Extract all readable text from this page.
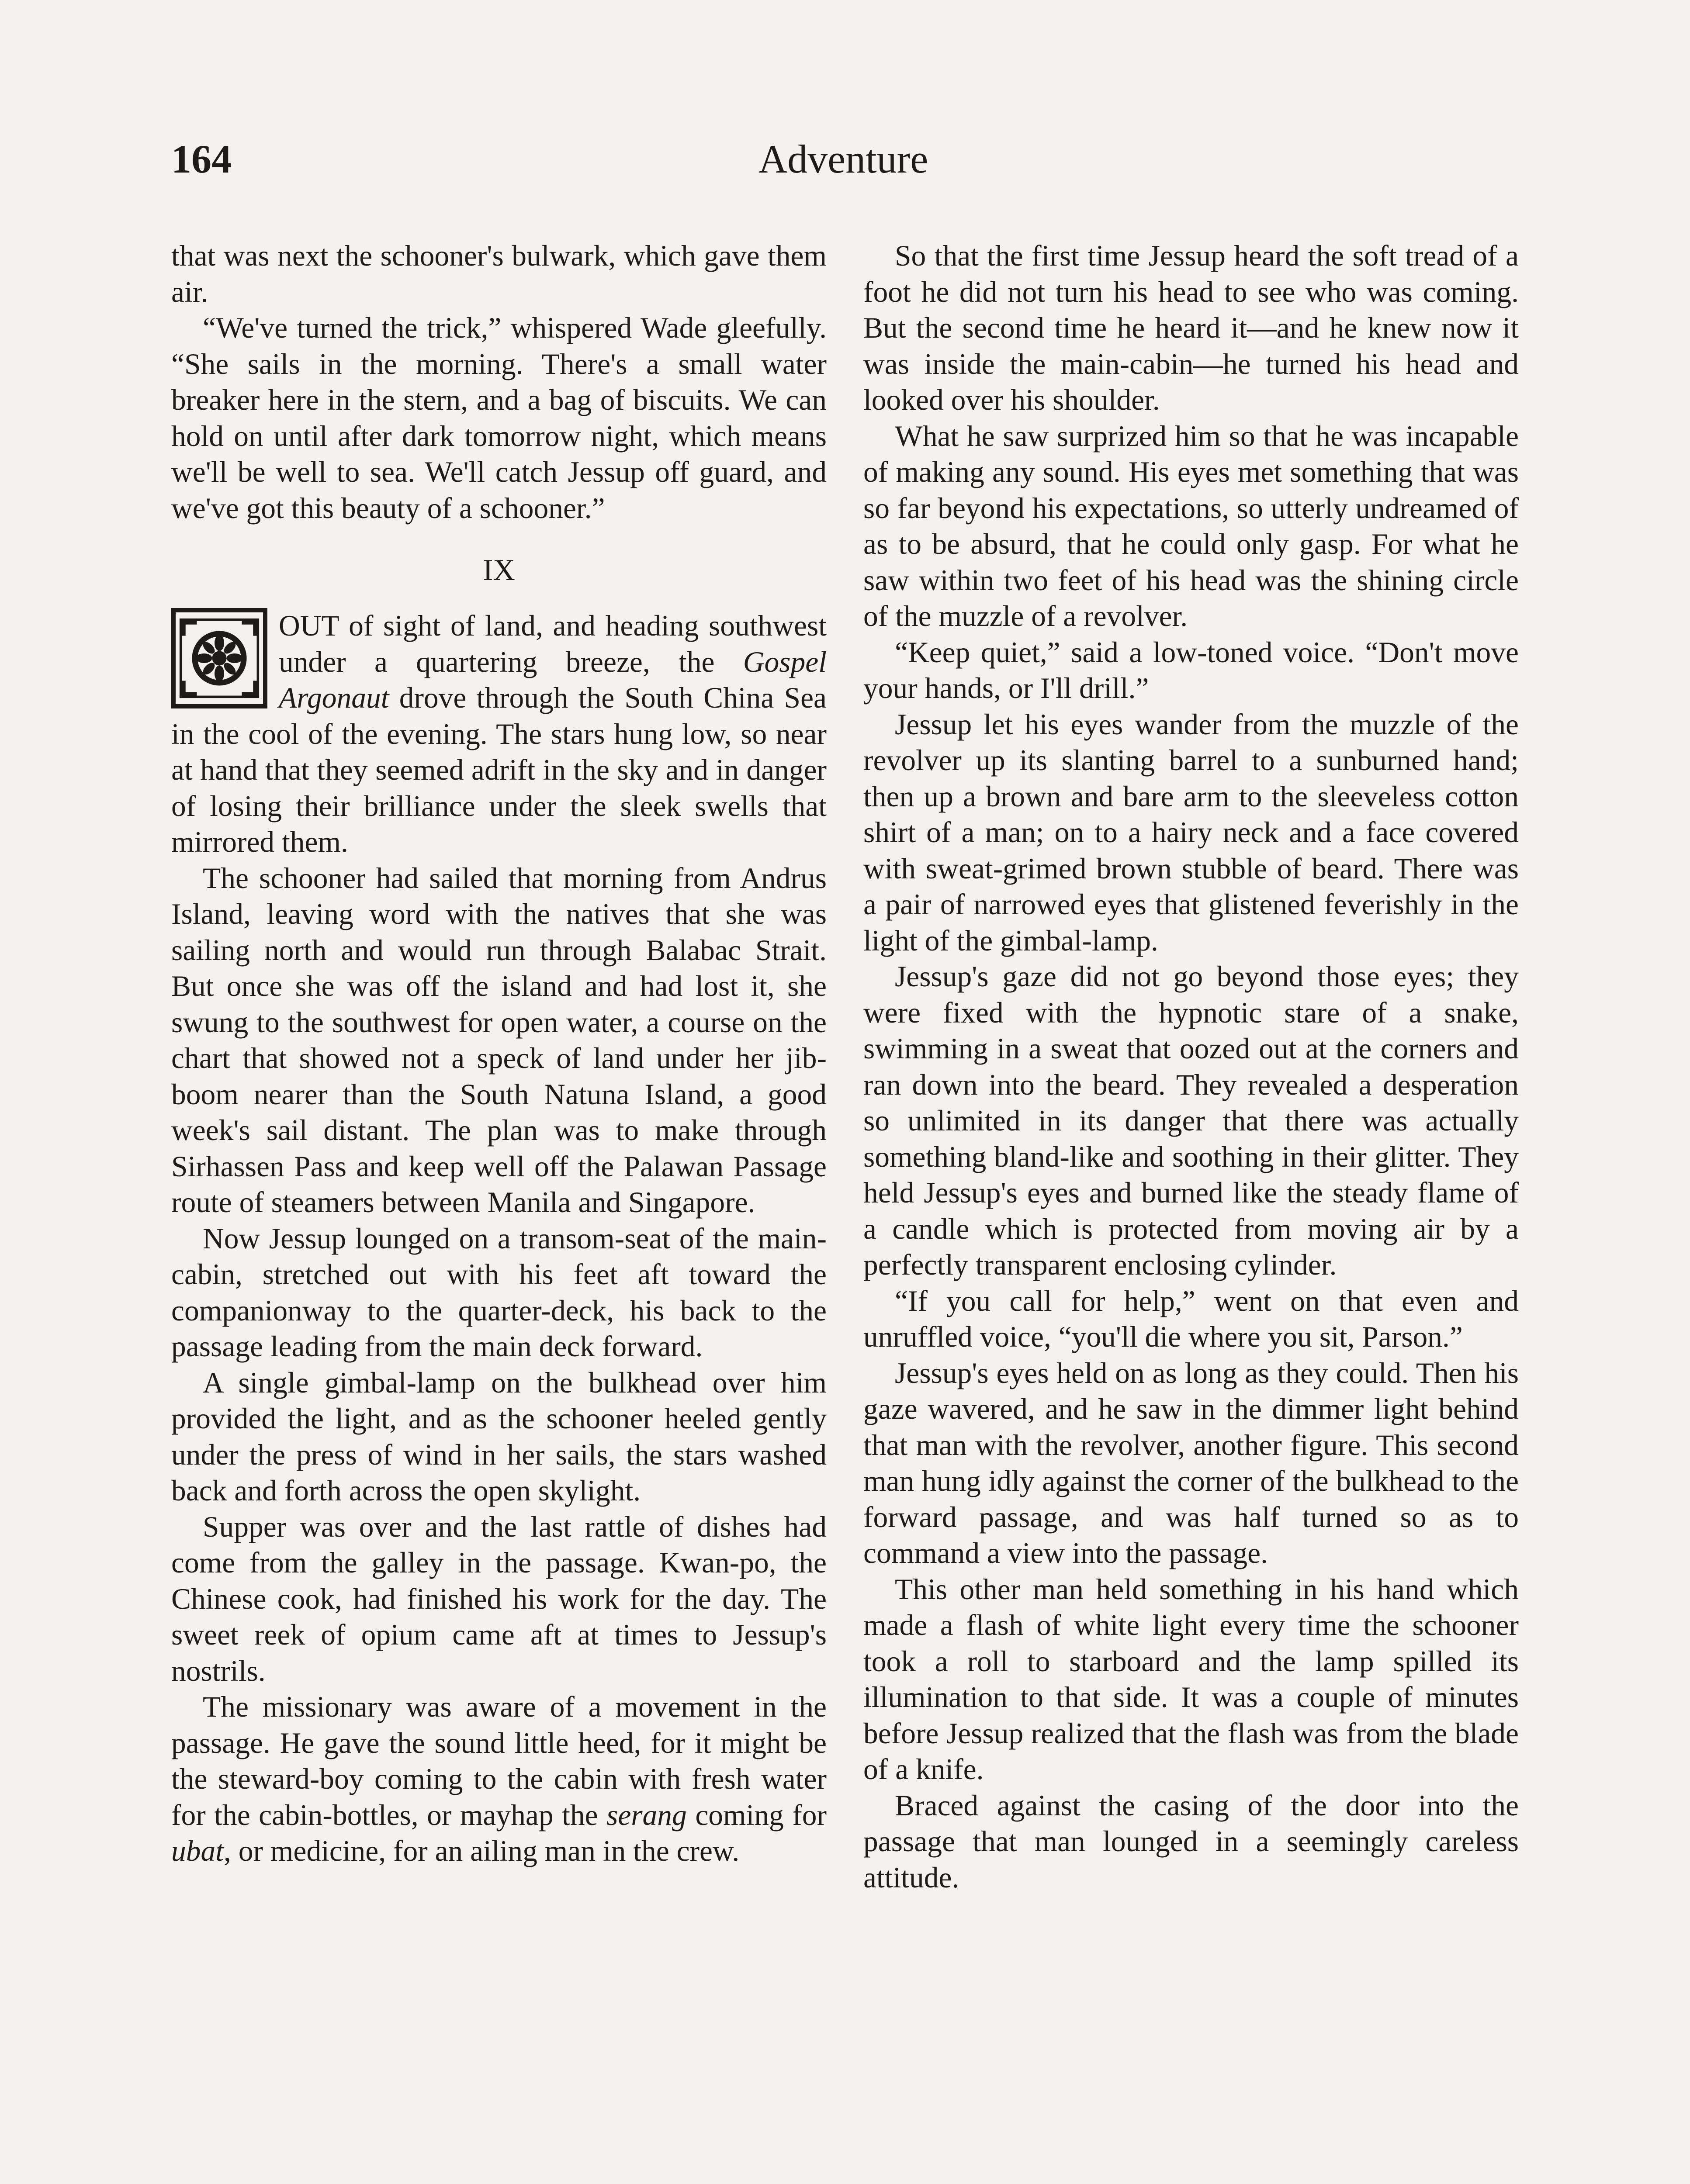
164	Adventure

that was next the schooner's bulwark, which gave them air.

“We've turned the trick,” whispered Wade gleefully. “She sails in the morning. There's a small water breaker here in the stern, and a bag of biscuits. We can hold on until after dark tomorrow night, which means we'll be well to sea. We'll catch Jessup off guard, and we've got this beauty of a schooner.”

IX

OUT of sight of land, and heading southwest under a quartering breeze, the Gospel Argonaut drove through the South China Sea in the cool of the evening. The stars hung low, so near at hand that they seemed adrift in the sky and in danger of losing their brilliance under the sleek swells that mirrored them.

The schooner had sailed that morning from Andrus Island, leaving word with the natives that she was sailing north and would run through Balabac Strait. But once she was off the island and had lost it, she swung to the southwest for open water, a course on the chart that showed not a speck of land under her jib-boom nearer than the South Natuna Island, a good week's sail distant. The plan was to make through Sirhassen Pass and keep well off the Palawan Passage route of steamers between Manila and Singapore.

Now Jessup lounged on a transom-seat of the main-cabin, stretched out with his feet aft toward the companionway to the quarter-deck, his back to the passage leading from the main deck forward.

A single gimbal-lamp on the bulkhead over him provided the light, and as the schooner heeled gently under the press of wind in her sails, the stars washed back and forth across the open skylight.

Supper was over and the last rattle of dishes had come from the galley in the passage. Kwan-po, the Chinese cook, had finished his work for the day. The sweet reek of opium came aft at times to Jessup's nostrils.

The missionary was aware of a movement in the passage. He gave the sound little heed, for it might be the steward-boy coming to the cabin with fresh water for the cabin-bottles, or mayhap the serang coming for ubat, or medicine, for an ailing man in the crew.

So that the first time Jessup heard the soft tread of a foot he did not turn his head to see who was coming. But the second time he heard it—and he knew now it was inside the main-cabin—he turned his head and looked over his shoulder.

What he saw surprized him so that he was incapable of making any sound. His eyes met something that was so far beyond his expectations, so utterly undreamed of as to be absurd, that he could only gasp. For what he saw within two feet of his head was the shining circle of the muzzle of a revolver.

“Keep quiet,” said a low-toned voice. “Don't move your hands, or I'll drill.”

Jessup let his eyes wander from the muzzle of the revolver up its slanting barrel to a sunburned hand; then up a brown and bare arm to the sleeveless cotton shirt of a man; on to a hairy neck and a face covered with sweat-grimed brown stubble of beard. There was a pair of narrowed eyes that glistened feverishly in the light of the gimbal-lamp.

Jessup's gaze did not go beyond those eyes; they were fixed with the hypnotic stare of a snake, swimming in a sweat that oozed out at the corners and ran down into the beard. They revealed a desperation so unlimited in its danger that there was actually something bland-like and soothing in their glitter. They held Jessup's eyes and burned like the steady flame of a candle which is protected from moving air by a perfectly transparent enclosing cylinder.

“If you call for help,” went on that even and unruffled voice, “you'll die where you sit, Parson.”

Jessup's eyes held on as long as they could. Then his gaze wavered, and he saw in the dimmer light behind that man with the revolver, another figure. This second man hung idly against the corner of the bulkhead to the forward passage, and was half turned so as to command a view into the passage.

This other man held something in his hand which made a flash of white light every time the schooner took a roll to starboard and the lamp spilled its illumination to that side. It was a couple of minutes before Jessup realized that the flash was from the blade of a knife.

Braced against the casing of the door into the passage that man lounged in a seemingly careless attitude.
